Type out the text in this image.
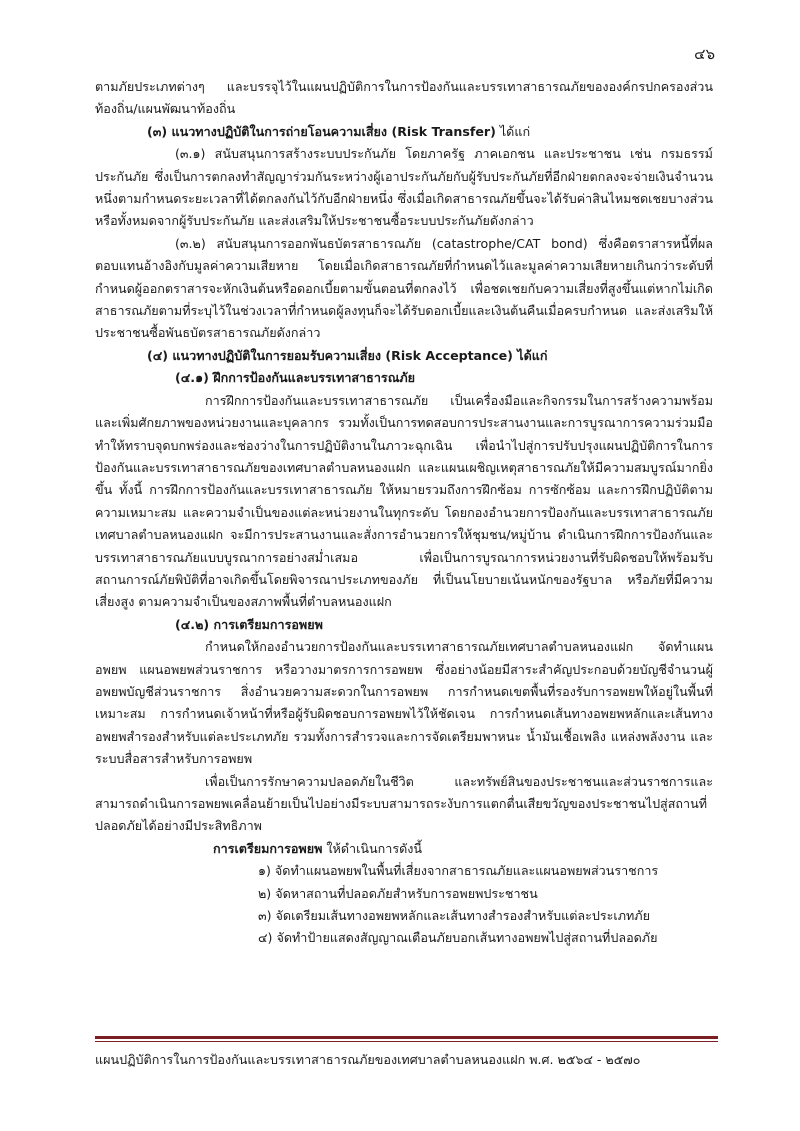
๔๖

ตามภัยประเภทต่างๆ และบรรจุไว้ในแผนปฏิบัติการในการป้องกันและบรรเทาสาธารณภัยขององค์กรปกครองส่วนท้องถิ่น/แผนพัฒนาท้องถิ่น

(๓) แนวทางปฏิบัติในการถ่ายโอนความเสี่ยง (Risk Transfer) ได้แก่

(๓.๑) สนับสนุนการสร้างระบบประกันภัย โดยภาครัฐ ภาคเอกชน และประชาชน เช่น กรมธรรม์ประกันภัย ซึ่งเป็นการตกลงทำสัญญาร่วมกันระหว่างผู้เอาประกันภัยกับผู้รับประกันภัยที่อีกฝ่ายตกลงจะจ่ายเงินจำนวนหนึ่งตามกำหนดระยะเวลาที่ได้ตกลงกันไว้กับอีกฝ่ายหนึ่ง ซึ่งเมื่อเกิดสาธารณภัยขึ้นจะได้รับค่าสินไหมชดเชยบางส่วนหรือทั้งหมดจากผู้รับประกันภัย และส่งเสริมให้ประชาชนซื้อระบบประกันภัยดังกล่าว

(๓.๒) สนับสนุนการออกพันธบัตรสาธารณภัย (catastrophe/CAT bond) ซึ่งคือตราสารหนี้ที่ผลตอบแทนอ้างอิงกับมูลค่าความเสียหาย โดยเมื่อเกิดสาธารณภัยที่กำหนดไว้และมูลค่าความเสียหายเกินกว่าระดับที่กำหนดผู้ออกตราสารจะหักเงินต้นหรือดอกเบี้ยตามขั้นตอนที่ตกลงไว้ เพื่อชดเชยกับความเสี่ยงที่สูงขึ้นแต่หากไม่เกิดสาธารณภัยตามที่ระบุไว้ในช่วงเวลาที่กำหนดผู้ลงทุนก็จะได้รับดอกเบี้ยและเงินต้นคืนเมื่อครบกำหนด และส่งเสริมให้ประชาชนซื้อพันธบัตรสาธารณภัยดังกล่าว

(๔) แนวทางปฏิบัติในการยอมรับความเสี่ยง (Risk Acceptance) ได้แก่

(๔.๑) ฝึกการป้องกันและบรรเทาสาธารณภัย

การฝึกการป้องกันและบรรเทาสาธารณภัย เป็นเครื่องมือและกิจกรรมในการสร้างความพร้อมและเพิ่มศักยภาพของหน่วยงานและบุคลากร รวมทั้งเป็นการทดสอบการประสานงานและการบูรณาการความร่วมมือ ทำให้ทราบจุดบกพร่องและช่องว่างในการปฏิบัติงานในภาวะฉุกเฉิน เพื่อนำไปสู่การปรับปรุงแผนปฏิบัติการในการป้องกันและบรรเทาสาธารณภัยของเทศบาลตำบลหนองแฝก และแผนเผชิญเหตุสาธารณภัยให้มีความสมบูรณ์มากยิ่งขึ้น ทั้งนี้ การฝึกการป้องกันและบรรเทาสาธารณภัย ให้หมายรวมถึงการฝึกซ้อม การซักซ้อม และการฝึกปฏิบัติตามความเหมาะสม และความจำเป็นของแต่ละหน่วยงานในทุกระดับ โดยกองอำนวยการป้องกันและบรรเทาสาธารณภัยเทศบาลตำบลหนองแฝก จะมีการประสานงานและสั่งการอำนวยการให้ชุมชน/หมู่บ้าน ดำเนินการฝึกการป้องกันและบรรเทาสาธารณภัยแบบบูรณาการอย่างสม่ำเสมอ เพื่อเป็นการบูรณาการหน่วยงานที่รับผิดชอบให้พร้อมรับสถานการณ์ภัยพิบัติที่อาจเกิดขึ้นโดยพิจารณาประเภทของภัย ที่เป็นนโยบายเน้นหนักของรัฐบาล หรือภัยที่มีความเสี่ยงสูง ตามความจำเป็นของสภาพพื้นที่ตำบลหนองแฝก

(๔.๒) การเตรียมการอพยพ

กำหนดให้กองอำนวยการป้องกันและบรรเทาสาธารณภัยเทศบาลตำบลหนองแฝก จัดทำแผนอพยพ แผนอพยพส่วนราชการ หรือวางมาตรการการอพยพ ซึ่งอย่างน้อยมีสาระสำคัญประกอบด้วยบัญชีจำนวนผู้อพยพบัญชีส่วนราชการ สิ่งอำนวยความสะดวกในการอพยพ การกำหนดเขตพื้นที่รองรับการอพยพให้อยู่ในพื้นที่เหมาะสม การกำหนดเจ้าหน้าที่หรือผู้รับผิดชอบการอพยพไว้ให้ชัดเจน การกำหนดเส้นทางอพยพหลักและเส้นทางอพยพสำรองสำหรับแต่ละประเภทภัย รวมทั้งการสำรวจและการจัดเตรียมพาหนะ น้ำมันเชื้อเพลิง แหล่งพลังงาน และระบบสื่อสารสำหรับการอพยพ

เพื่อเป็นการรักษาความปลอดภัยในชีวิต และทรัพย์สินของประชาชนและส่วนราชการและสามารถดำเนินการอพยพเคลื่อนย้ายเป็นไปอย่างมีระบบสามารถระงับการแตกตื่นเสียขวัญของประชาชนไปสู่สถานที่ปลอดภัยได้อย่างมีประสิทธิภาพ

การเตรียมการอพยพ ให้ดำเนินการดังนี้

๑) จัดทำแผนอพยพในพื้นที่เสี่ยงจากสาธารณภัยและแผนอพยพส่วนราชการ

๒) จัดหาสถานที่ปลอดภัยสำหรับการอพยพประชาชน

๓) จัดเตรียมเส้นทางอพยพหลักและเส้นทางสำรองสำหรับแต่ละประเภทภัย

๔) จัดทำป้ายแสดงสัญญาณเตือนภัยบอกเส้นทางอพยพไปสู่สถานที่ปลอดภัย

แผนปฏิบัติการในการป้องกันและบรรเทาสาธารณภัยของเทศบาลตำบลหนองแฝก พ.ศ. ๒๕๖๔ - ๒๕๗๐
